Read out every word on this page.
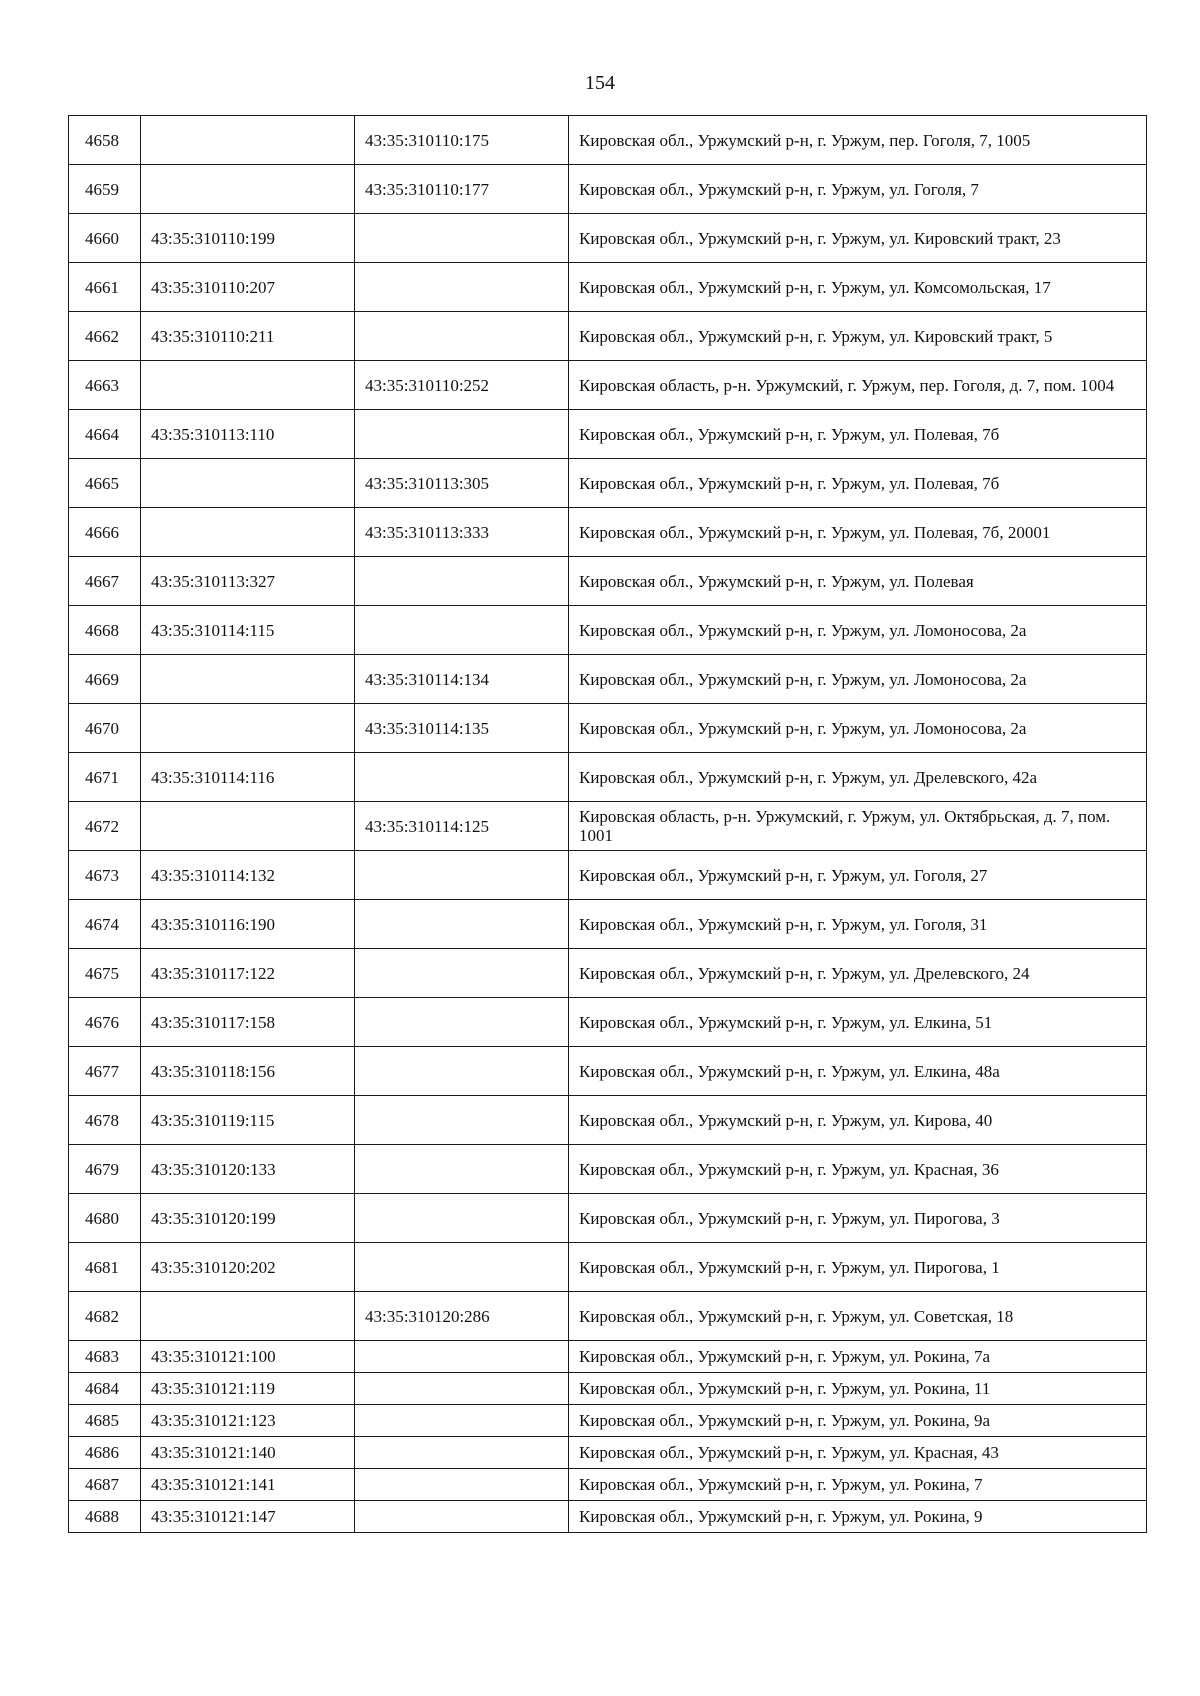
154
4658		43:35:310110:175	Кировская обл., Уржумский р-н, г. Уржум, пер. Гоголя, 7, 1005
4659		43:35:310110:177	Кировская обл., Уржумский р-н, г. Уржум, ул. Гоголя, 7
4660	43:35:310110:199		Кировская обл., Уржумский р-н, г. Уржум, ул. Кировский тракт, 23
4661	43:35:310110:207		Кировская обл., Уржумский р-н, г. Уржум, ул. Комсомольская, 17
4662	43:35:310110:211		Кировская обл., Уржумский р-н, г. Уржум, ул. Кировский тракт, 5
4663		43:35:310110:252	Кировская область, р-н. Уржумский, г. Уржум, пер. Гоголя, д. 7, пом. 1004
4664	43:35:310113:110		Кировская обл., Уржумский р-н, г. Уржум, ул. Полевая, 7б
4665		43:35:310113:305	Кировская обл., Уржумский р-н, г. Уржум, ул. Полевая, 7б
4666		43:35:310113:333	Кировская обл., Уржумский р-н, г. Уржум, ул. Полевая, 7б, 20001
4667	43:35:310113:327		Кировская обл., Уржумский р-н, г. Уржум, ул. Полевая
4668	43:35:310114:115		Кировская обл., Уржумский р-н, г. Уржум, ул. Ломоносова, 2а
4669		43:35:310114:134	Кировская обл., Уржумский р-н, г. Уржум, ул. Ломоносова, 2а
4670		43:35:310114:135	Кировская обл., Уржумский р-н, г. Уржум, ул. Ломоносова, 2а
4671	43:35:310114:116		Кировская обл., Уржумский р-н, г. Уржум, ул. Дрелевского, 42а
4672		43:35:310114:125	Кировская область, р-н. Уржумский, г. Уржум, ул. Октябрьская, д. 7, пом. 1001
4673	43:35:310114:132		Кировская обл., Уржумский р-н, г. Уржум, ул. Гоголя, 27
4674	43:35:310116:190		Кировская обл., Уржумский р-н, г. Уржум, ул. Гоголя, 31
4675	43:35:310117:122		Кировская обл., Уржумский р-н, г. Уржум, ул. Дрелевского, 24
4676	43:35:310117:158		Кировская обл., Уржумский р-н, г. Уржум, ул. Елкина, 51
4677	43:35:310118:156		Кировская обл., Уржумский р-н, г. Уржум, ул. Елкина, 48а
4678	43:35:310119:115		Кировская обл., Уржумский р-н, г. Уржум, ул. Кирова, 40
4679	43:35:310120:133		Кировская обл., Уржумский р-н, г. Уржум, ул. Красная, 36
4680	43:35:310120:199		Кировская обл., Уржумский р-н, г. Уржум, ул. Пирогова, 3
4681	43:35:310120:202		Кировская обл., Уржумский р-н, г. Уржум, ул. Пирогова, 1
4682		43:35:310120:286	Кировская обл., Уржумский р-н, г. Уржум, ул. Советская, 18
4683	43:35:310121:100		Кировская обл., Уржумский р-н, г. Уржум, ул. Рокина, 7а
4684	43:35:310121:119		Кировская обл., Уржумский р-н, г. Уржум, ул. Рокина, 11
4685	43:35:310121:123		Кировская обл., Уржумский р-н, г. Уржум, ул. Рокина, 9а
4686	43:35:310121:140		Кировская обл., Уржумский р-н, г. Уржум, ул. Красная, 43
4687	43:35:310121:141		Кировская обл., Уржумский р-н, г. Уржум, ул. Рокина, 7
4688	43:35:310121:147		Кировская обл., Уржумский р-н, г. Уржум, ул. Рокина, 9
